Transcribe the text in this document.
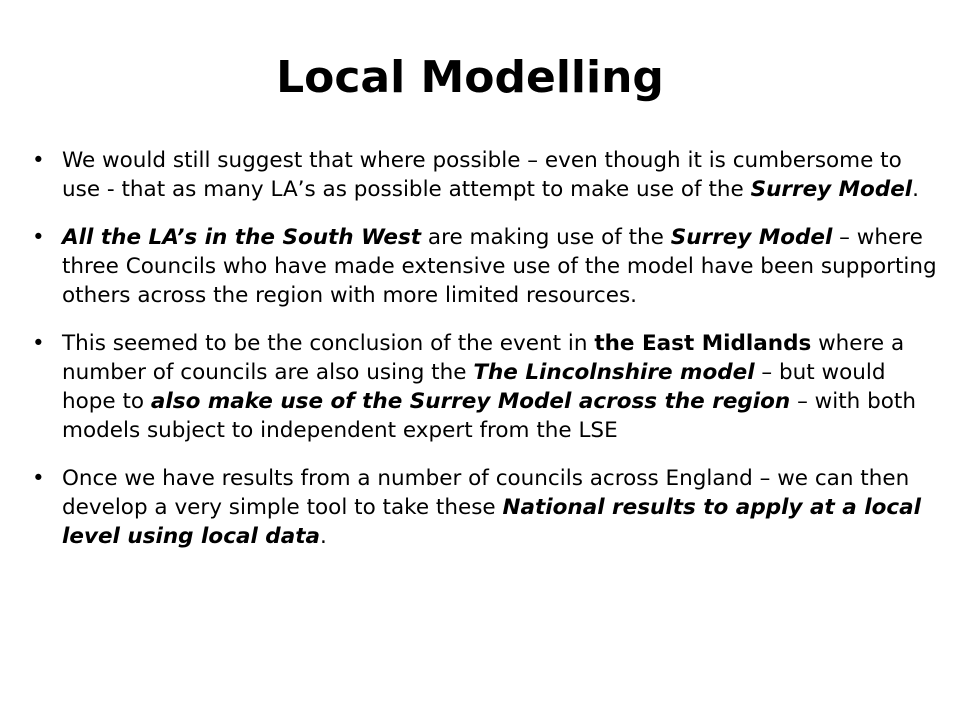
Local Modelling
• We would still suggest that where possible – even though it is cumbersome to use - that as many LA’s as possible attempt to make use of the Surrey Model.
• All the LA’s in the South West are making use of the Surrey Model – where three Councils who have made extensive use of the model have been supporting others across the region with more limited resources.
• This seemed to be the conclusion of the event in the East Midlands where a number of councils are also using the The Lincolnshire model – but would hope to also make use of the Surrey Model across the region – with both models subject to independent expert from the LSE
• Once we have results from a number of councils across England – we can then develop a very simple tool to take these National results to apply at a local level using local data.
